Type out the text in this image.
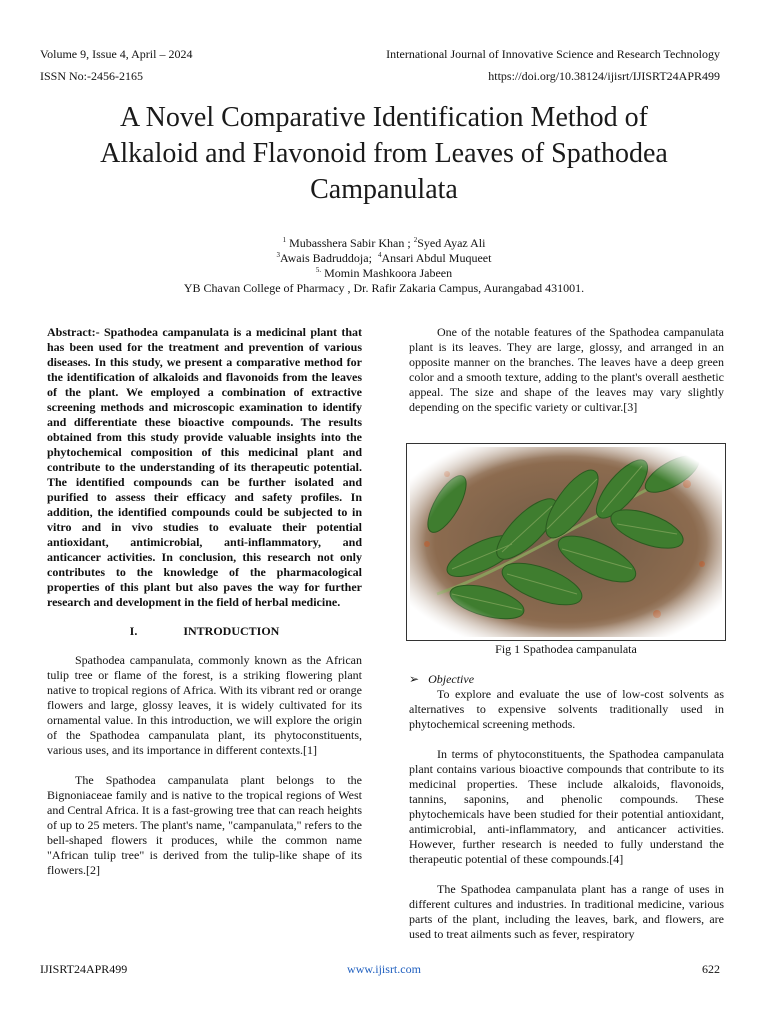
Volume 9, Issue 4, April – 2024
ISSN No:-2456-2165
International Journal of Innovative Science and Research Technology
https://doi.org/10.38124/ijisrt/IJISRT24APR499
A Novel Comparative Identification Method of
Alkaloid and Flavonoid from Leaves of Spathodea
Campanulata
$^1$ Mubasshera Sabir Khan ; $^2$Syed Ayaz Ali
$^3$Awais Badruddoja; $^4$Ansari Abdul Muqueet
$^{5.}$ Momin Mashkoora Jabeen
YB Chavan College of Pharmacy , Dr. Rafir Zakaria Campus, Aurangabad 431001.

Abstract:- Spathodea campanulata is a medicinal plant that has been used for the treatment and prevention of various diseases. In this study, we present a comparative method for the identification of alkaloids and flavonoids from the leaves of the plant. We employed a combination of extractive screening methods and microscopic examination to identify and differentiate these bioactive compounds. The results obtained from this study provide valuable insights into the phytochemical composition of this medicinal plant and contribute to the understanding of its therapeutic potential. The identified compounds can be further isolated and purified to assess their efficacy and safety profiles. In addition, the identified compounds could be subjected to in vitro and in vivo studies to evaluate their potential antioxidant, antimicrobial, anti-inflammatory, and anticancer activities. In conclusion, this research not only contributes to the knowledge of the pharmacological properties of this plant but also paves the way for further research and development in the field of herbal medicine.

I.	INTRODUCTION

Spathodea campanulata, commonly known as the African tulip tree or flame of the forest, is a striking flowering plant native to tropical regions of Africa. With its vibrant red or orange flowers and large, glossy leaves, it is widely cultivated for its ornamental value. In this introduction, we will explore the origin of the Spathodea campanulata plant, its phytoconstituents, various uses, and its importance in different contexts.[1]

The Spathodea campanulata plant belongs to the Bignoniaceae family and is native to the tropical regions of West and Central Africa. It is a fast-growing tree that can reach heights of up to 25 meters. The plant's name, "campanulata," refers to the bell-shaped flowers it produces, while the common name "African tulip tree" is derived from the tulip-like shape of its flowers.[2]

One of the notable features of the Spathodea campanulata plant is its leaves. They are large, glossy, and arranged in an opposite manner on the branches. The leaves have a deep green color and a smooth texture, adding to the plant's overall aesthetic appeal. The size and shape of the leaves may vary slightly depending on the specific variety or cultivar.[3]

Fig 1 Spathodea campanulata
➢ Objective

To explore and evaluate the use of low-cost solvents as alternatives to expensive solvents traditionally used in phytochemical screening methods.

In terms of phytoconstituents, the Spathodea campanulata plant contains various bioactive compounds that contribute to its medicinal properties. These include alkaloids, flavonoids, tannins, saponins, and phenolic compounds. These phytochemicals have been studied for their potential antioxidant, antimicrobial, anti-inflammatory, and anticancer activities. However, further research is needed to fully understand the therapeutic potential of these compounds.[4]

The Spathodea campanulata plant has a range of uses in different cultures and industries. In traditional medicine, various parts of the plant, including the leaves, bark, and flowers, are used to treat ailments such as fever, respiratory

IJISRT24APR499	www.ijisrt.com	622
